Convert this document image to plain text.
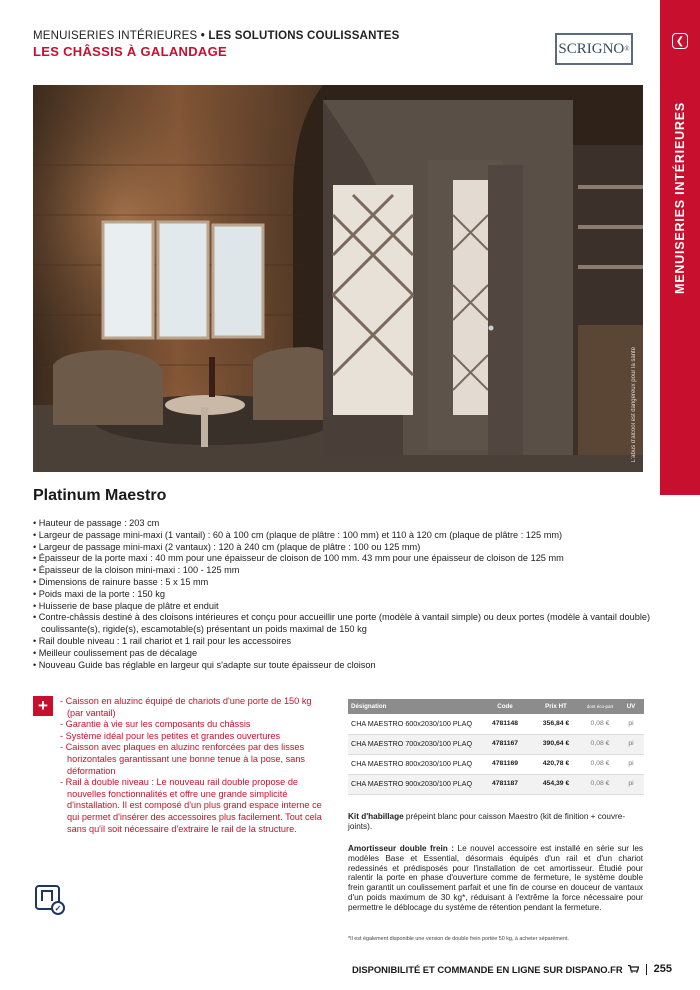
MENUISERIES INTÉRIEURES • LES SOLUTIONS COULISSANTES
LES CHÂSSIS À GALANDAGE	SCRIGNO ®
❮
MENUISERIES INTÉRIEURES
L'abus d'alcool est dangereux pour la santé
Platinum Maestro
• Hauteur de passage : 203 cm
• Largeur de passage mini-maxi (1 vantail) : 60 à 100 cm (plaque de plâtre : 100 mm) et 110 à 120 cm (plaque de plâtre : 125 mm)
• Largeur de passage mini-maxi (2 vantaux) : 120 à 240 cm (plaque de plâtre : 100 ou 125 mm)
• Épaisseur de la porte maxi : 40 mm pour une épaisseur de cloison de 100 mm. 43 mm pour une épaisseur de cloison de 125 mm
• Épaisseur de la cloison mini-maxi : 100 - 125 mm
• Dimensions de rainure basse : 5 x 15 mm
• Poids maxi de la porte : 150 kg
• Huisserie de base plaque de plâtre et enduit
• Contre-châssis destiné à des cloisons intérieures et conçu pour accueillir une porte (modèle à vantail simple) ou deux portes (modèle à vantail double) coulissante(s), rigide(s), escamotable(s) présentant un poids maximal de 150 kg
• Rail double niveau : 1 rail chariot et 1 rail pour les accessoires
• Meilleur coulissement pas de décalage
• Nouveau Guide bas réglable en largeur qui s'adapte sur toute épaisseur de cloison
+	- Caisson en aluzinc équipé de chariots d'une porte de 150 kg (par vantail)
- Garantie à vie sur les composants du châssis
- Système idéal pour les petites et grandes ouvertures
- Caisson avec plaques en aluzinc renforcées par des lisses horizontales garantissant une bonne tenue à la pose, sans déformation
- Rail à double niveau : Le nouveau rail double propose de nouvelles fonctionnalités et offre une grande simplicité d'installation. Il est composé d'un plus grand espace interne ce qui permet d'insérer des accessoires plus facilement. Tout cela sans qu'il soit nécessaire d'extraire le rail de la structure.
✓
Désignation	Code	Prix HT	dont éco-part	UV
CHA MAESTRO 600x2030/100 PLAQ	4781148	356,84 €	0,08 €	pi
CHA MAESTRO 700x2030/100 PLAQ	4781167	390,64 €	0,08 €	pi
CHA MAESTRO 800x2030/100 PLAQ	4781169	420,78 €	0,08 €	pi
CHA MAESTRO 900x2030/100 PLAQ	4781187	454,39 €	0,08 €	pi
Kit d'habillage prépeint blanc pour caisson Maestro (kit de finition + couvre-joints).
Amortisseur double frein : Le nouvel accessoire est installé en série sur les modèles Base et Essential, désormais équipés d'un rail et d'un chariot redessinés et prédisposés pour l'installation de cet amortisseur. Étudié pour ralentir la porte en phase d'ouverture comme de fermeture, le système double frein garantit un coulissement parfait et une fin de course en douceur de vantaux d'un poids maximum de 30 kg*, réduisant à l'extrême la force nécessaire pour permettre le déblocage du système de rétention pendant la fermeture.
*Il est également disponible une version de double frein portée 50 kg, à acheter séparément.
DISPONIBILITÉ ET COMMANDE EN LIGNE SUR DISPANO.FR	255
